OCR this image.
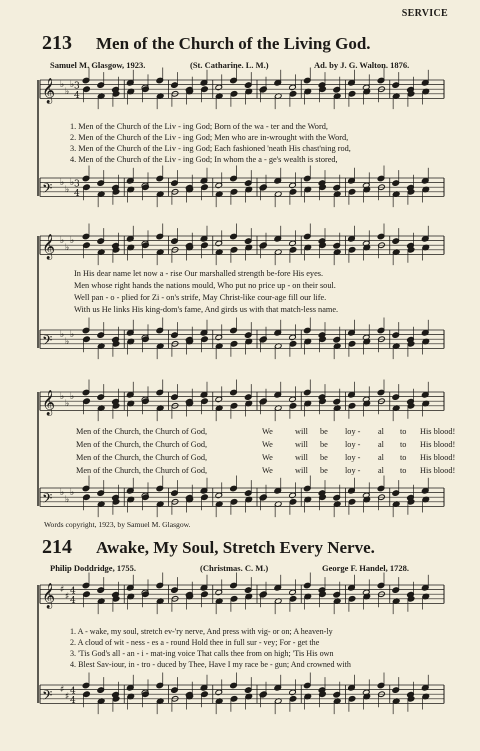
𝄞 ♭
♭
♭
𝄢 ♭
♭
♭
𝄞 ♭
♭
♭
𝄢 ♭
♭
♭
𝄞 ♭
♭
♭
𝄢 ♭
♭
♭
𝄞 ♯
♯
𝄢 ♯
♯
3
4
3
4
4
4
4
4
SERVICE
213 Men of the Church of the Living God.
Samuel M. Glasgow, 1923.	(St. Catharine. L. M.)	Ad. by J. G. Walton. 1876.
1. Men of the Church of the Liv - ing God; Born of the wa - ter and the Word,
2. Men of the Church of the Liv - ing God; Men who are in-wrought with the Word,
3. Men of the Church of the Liv - ing God; Each fashioned 'neath His chast'ning rod,
4. Men of the Church of the Liv - ing God; In whom the a - ge's wealth is stored,
In His dear name let now a - rise Our marshalled strength be-fore His eyes.
Men whose right hands the nations mould, Who put no price up - on their soul.
Well pan - o - plied for Zi - on's strife, May Christ-like cour-age fill our life.
With us He links His king-dom's fame, And girds us with that match-less name.
Men of the Church, the Church of God,	We	will be loy - al to His blood!
Men of the Church, the Church of God,	We	will be loy - al to His blood!
Men of the Church, the Church of God,	We	will be loy - al to His blood!
Men of the Church, the Church of God,	We	will be loy - al to His blood!
Words copyright, 1923, by Samuel M. Glasgow.
214 Awake, My Soul, Stretch Every Nerve.
Philip Doddridge, 1755.	(Christmas. C. M.)	George F. Handel, 1728.
1. A - wake, my soul, stretch ev-'ry nerve, And press with vig- or on; A heaven-ly
2. A cloud of wit - ness - es a - round Hold thee in full sur - vey; For - get the
3. 'Tis God's all - an - i - mat-ing voice That calls thee from on high; 'Tis His own
4. Blest Sav-iour, in - tro - duced by Thee, Have I my race be - gun; And crowned with
